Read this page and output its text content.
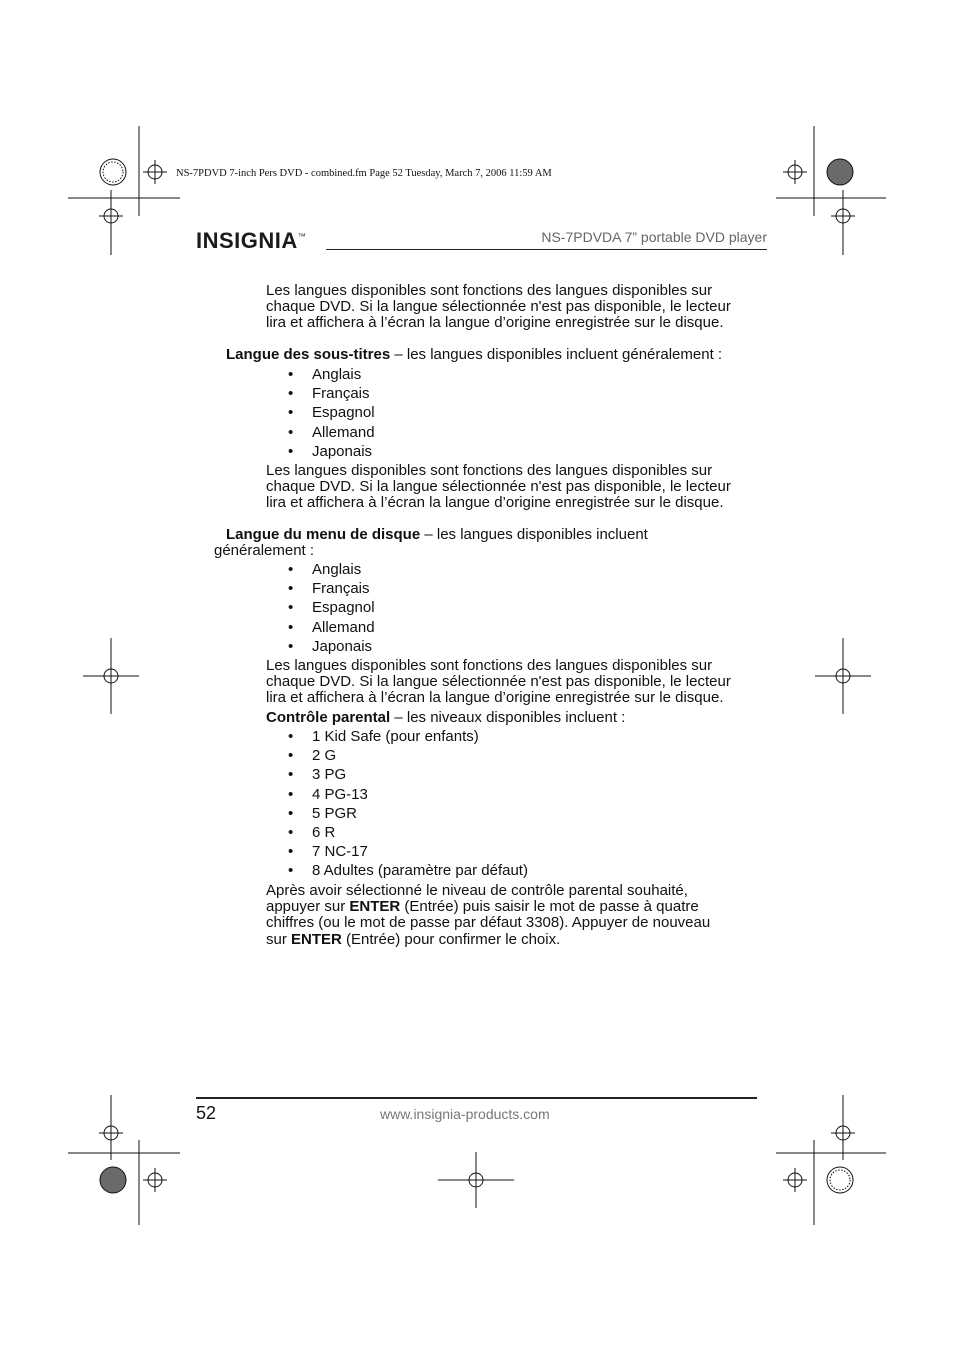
NS-7PDVD 7-inch Pers DVD - combined.fm Page 52 Tuesday, March 7, 2006 11:59 AM
INSIGNIA™	NS-7PDVDA 7” portable DVD player
Les langues disponibles sont fonctions des langues disponibles sur
chaque DVD. Si la langue sélectionnée n'est pas disponible, le lecteur
lira et affichera à l’écran la langue d’origine enregistrée sur le disque.
Langue des sous-titres – les langues disponibles incluent généralement :
• Anglais
• Français
• Espagnol
• Allemand
• Japonais
Les langues disponibles sont fonctions des langues disponibles sur
chaque DVD. Si la langue sélectionnée n'est pas disponible, le lecteur
lira et affichera à l’écran la langue d’origine enregistrée sur le disque.
Langue du menu de disque – les langues disponibles incluent
généralement :
• Anglais
• Français
• Espagnol
• Allemand
• Japonais
Les langues disponibles sont fonctions des langues disponibles sur
chaque DVD. Si la langue sélectionnée n'est pas disponible, le lecteur
lira et affichera à l’écran la langue d’origine enregistrée sur le disque.
Contrôle parental – les niveaux disponibles incluent :
• 1 Kid Safe (pour enfants)
• 2 G
• 3 PG
• 4 PG-13
• 5 PGR
• 6 R
• 7 NC-17
• 8 Adultes (paramètre par défaut)
Après avoir sélectionné le niveau de contrôle parental souhaité,
appuyer sur ENTER (Entrée) puis saisir le mot de passe à quatre
chiffres (ou le mot de passe par défaut 3308). Appuyer de nouveau
sur ENTER (Entrée) pour confirmer le choix.
52	www.insignia-products.com
